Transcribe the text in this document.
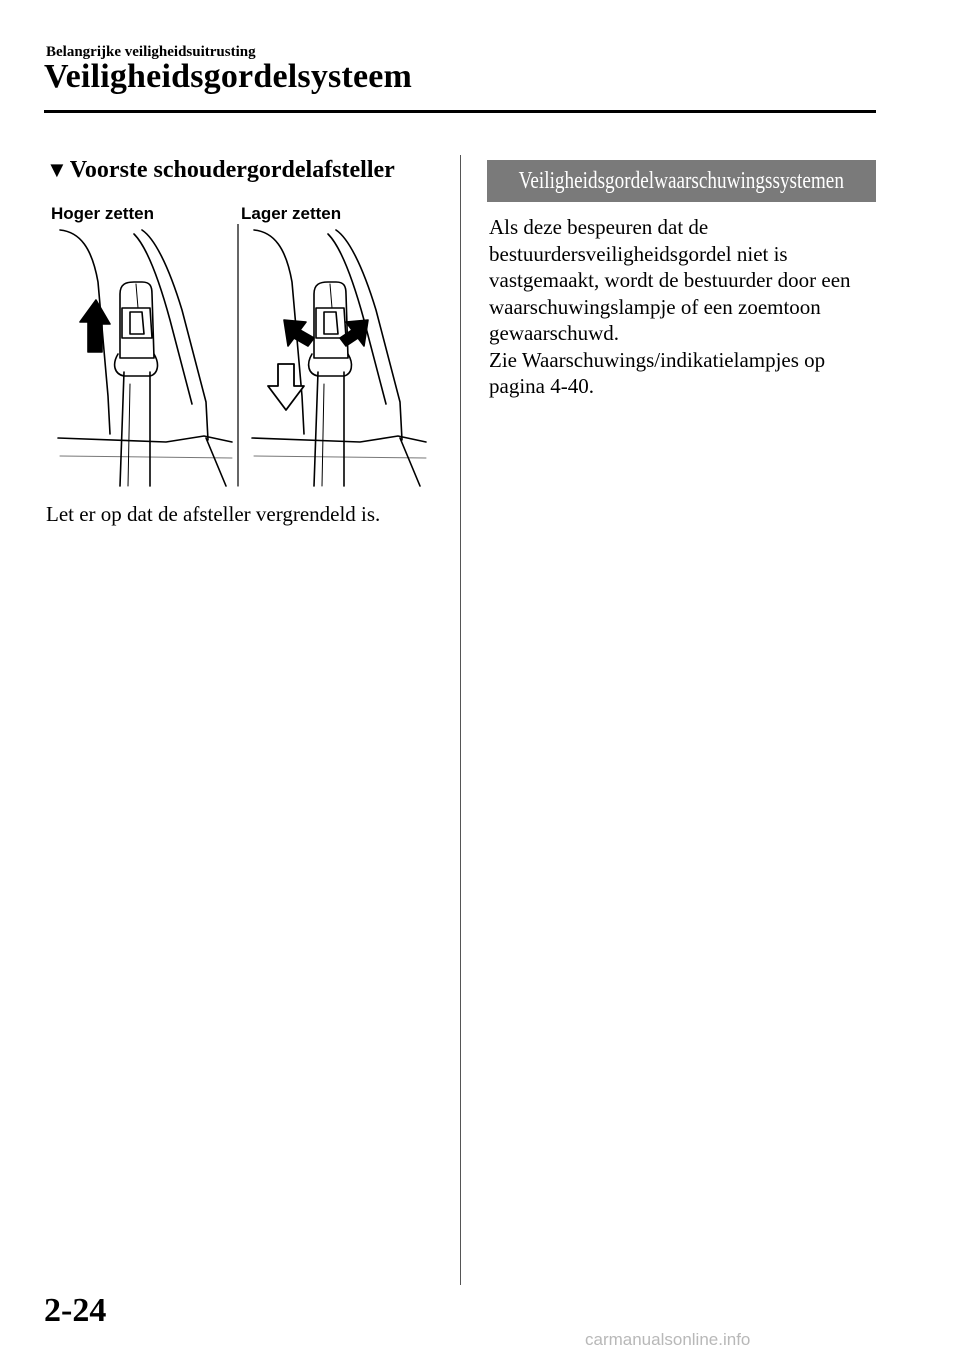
Belangrijke veiligheidsuitrusting
Veiligheidsgordelsysteem
▼Voorste schoudergordelafsteller
Hoger zetten	Lager zetten
Let er op dat de afsteller vergrendeld is.
Veiligheidsgordelwaarschuwingssystemen

Als deze bespeuren dat de bestuurdersveiligheidsgordel niet is vastgemaakt, wordt de bestuurder door een waarschuwingslampje of een zoemtoon gewaarschuwd.

Zie Waarschuwings/indikatielampjes op pagina 4-40.

2-24
carmanualsonline.info
